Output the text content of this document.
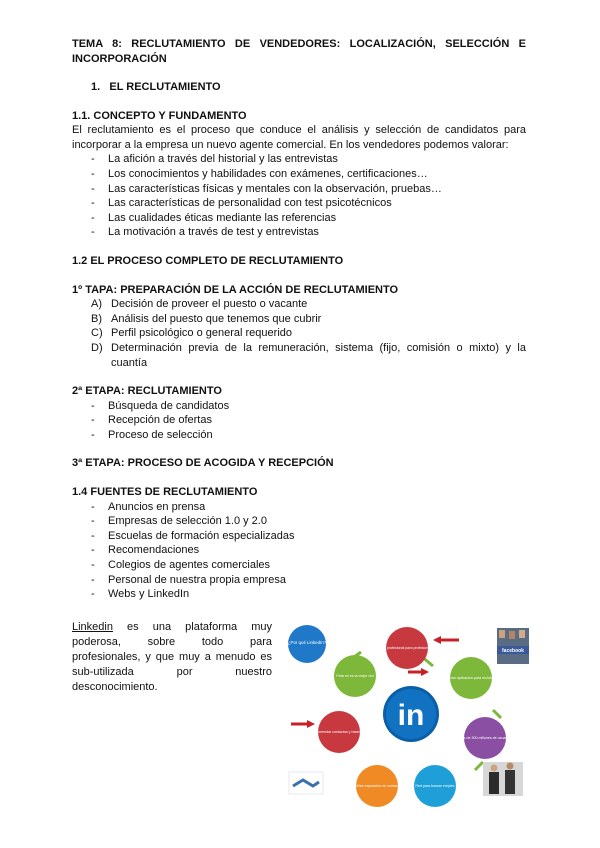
TEMA 8: RECLUTAMIENTO DE VENDEDORES: LOCALIZACIÓN, SELECCIÓN E INCORPORACIÓN

1. EL RECLUTAMIENTO
1.1. CONCEPTO Y FUNDAMENTO

El reclutamiento es el proceso que conduce el análisis y selección de candidatos para incorporar a la empresa un nuevo agente comercial. En los vendedores podemos valorar:

- La afición a través del historial y las entrevistas
- Los conocimientos y habilidades con exámenes, certificaciones…
- Las características físicas y mentales con la observación, pruebas…
- Las características de personalidad con test psicotécnicos
- Las cualidades éticas mediante las referencias
- La motivación a través de test y entrevistas
1.2 EL PROCESO COMPLETO DE RECLUTAMIENTO
1º TAPA: PREPARACIÓN DE LA ACCIÓN DE RECLUTAMIENTO
A) Decisión de proveer el puesto o vacante
B) Análisis del puesto que tenemos que cubrir
C) Perfil psicológico o general requerido
D) Determinación previa de la remuneración, sistema (fijo, comisión o mixto) y la cuantía
2ª ETAPA: RECLUTAMIENTO
- Búsqueda de candidatos
- Recepción de ofertas
- Proceso de selección
3ª ETAPA: PROCESO DE ACOGIDA Y RECEPCIÓN
1.4 FUENTES DE RECLUTAMIENTO
- Anuncios en prensa
- Empresas de selección 1.0 y 2.0
- Escuelas de formación especializadas
- Recomendaciones
- Colegios de agentes comerciales
- Personal de nuestra propia empresa
- Webs y LinkedIn

Linkedin es una plataforma muy poderosa, sobre todo para profesionales, y que muy a menudo es sub-utilizada por nuestro desconocimiento.

¿Por qué LinkedIn?
Red profesional para profesionales
Gran aplicación para reclutar
Más de 300 millones de usuarios
Red para buscar empleo
Perfiles expuestos en contactos
Permite recomendar contactos y hacer referencias
Para mí es la mejor red
in
facebook
